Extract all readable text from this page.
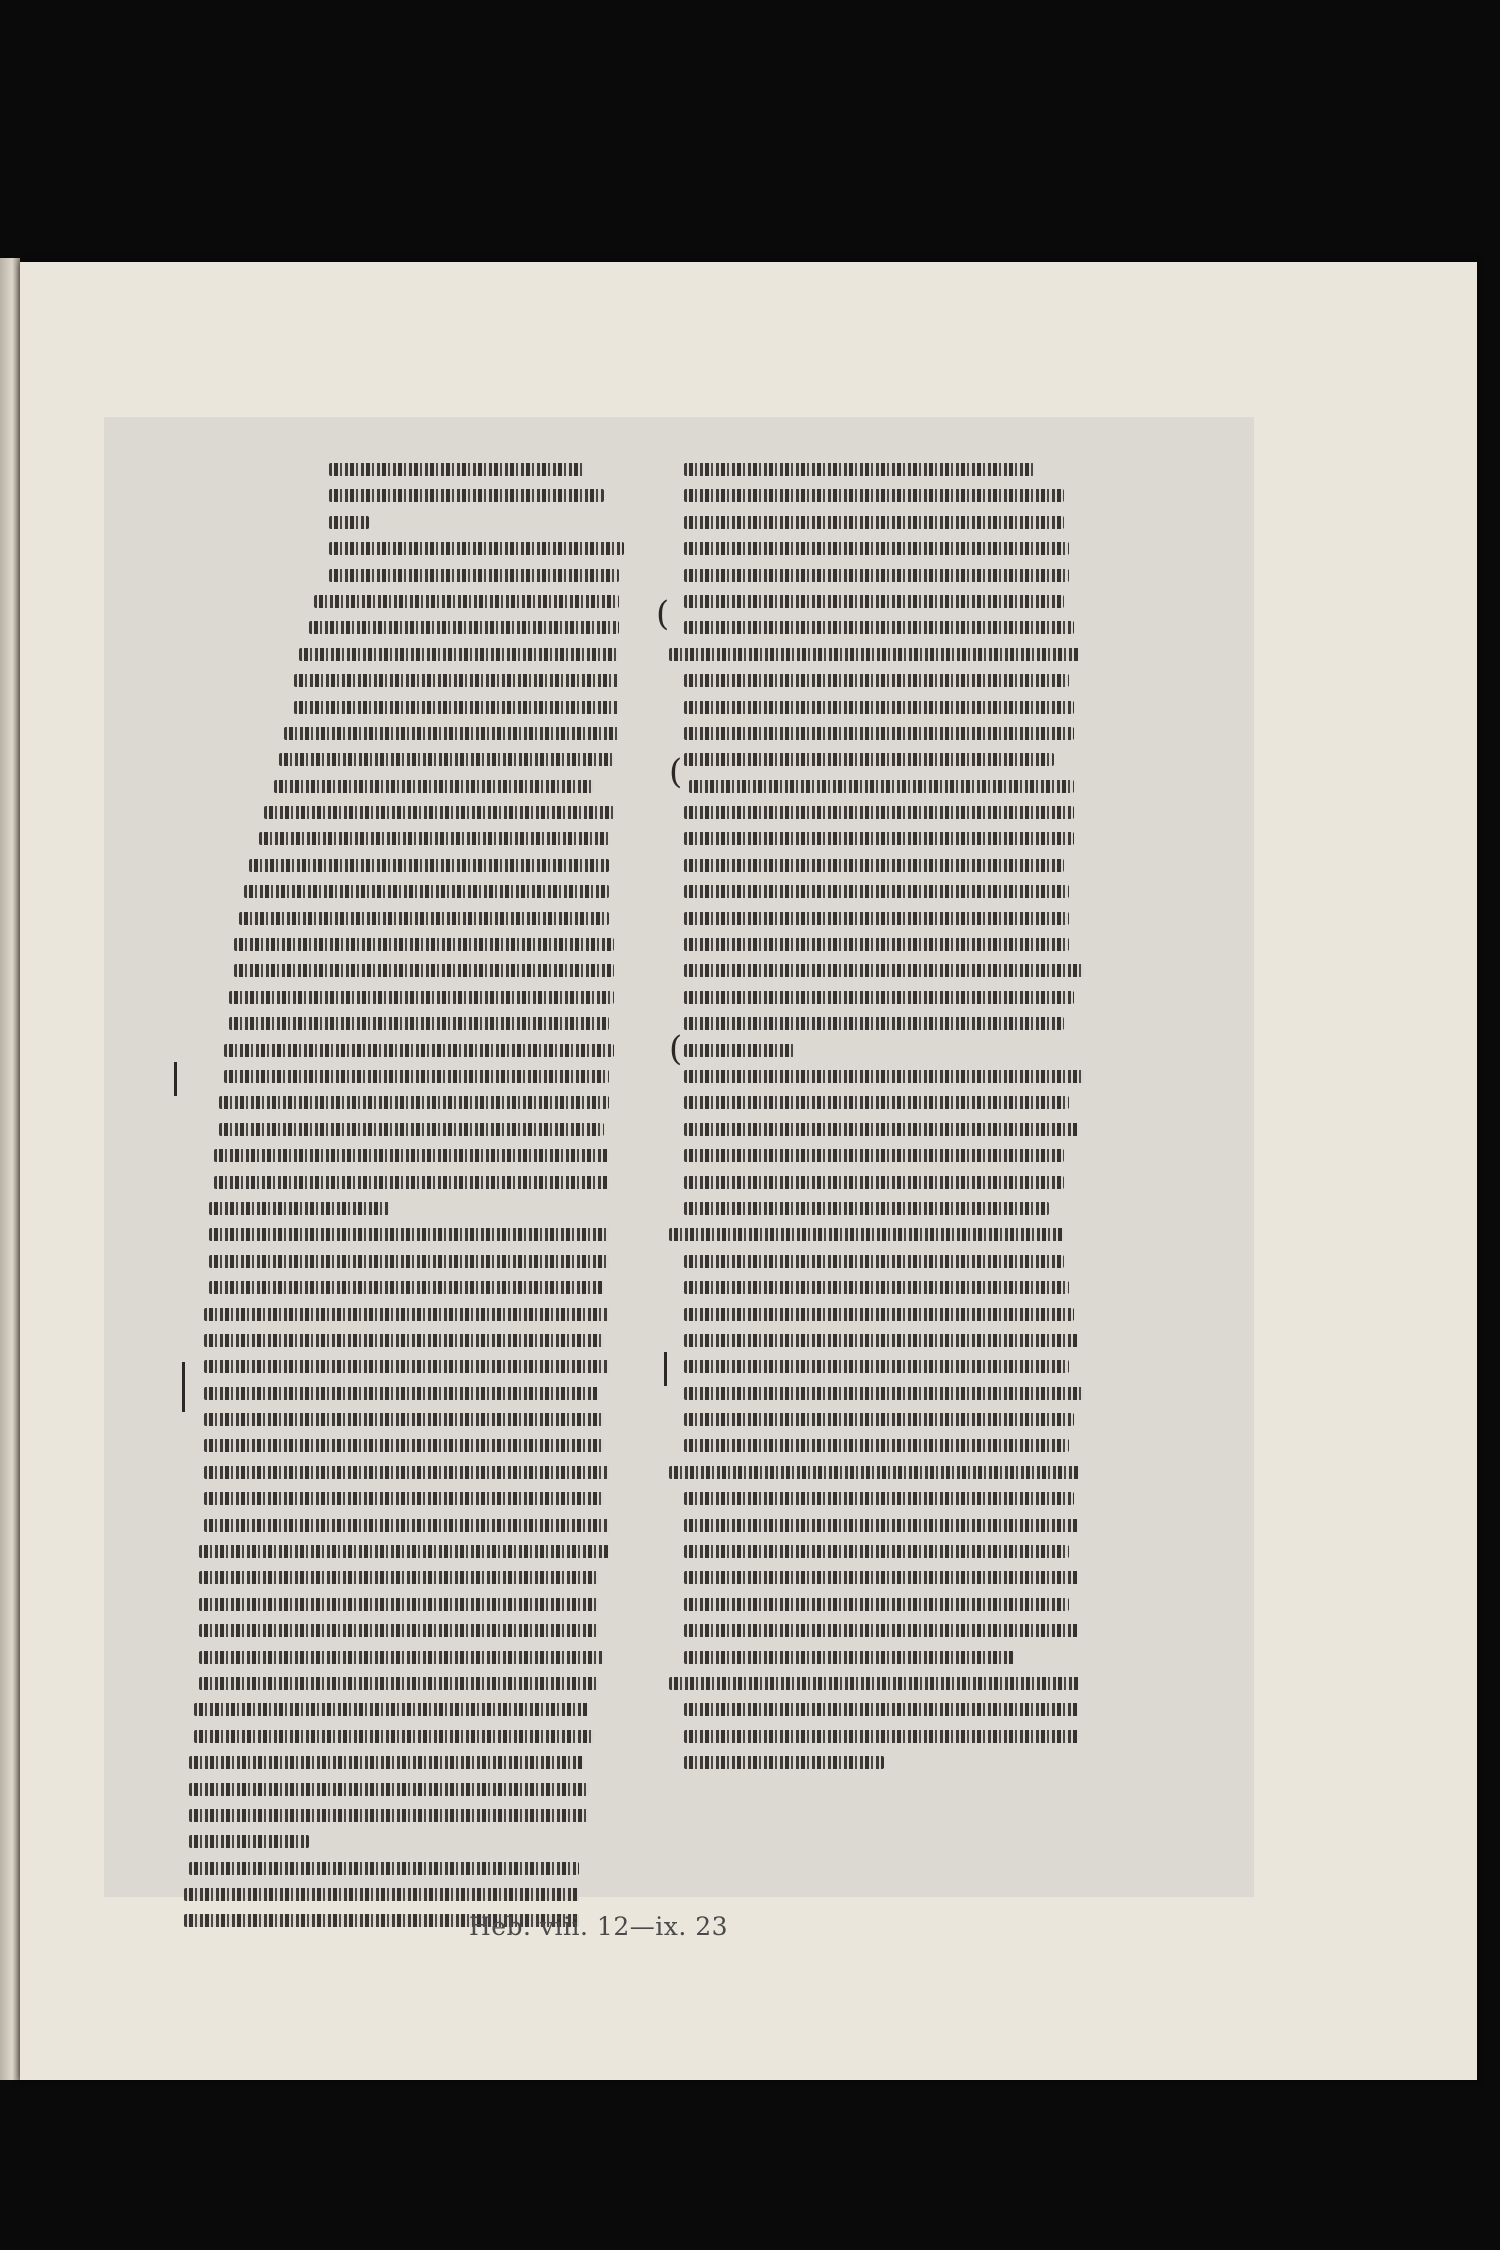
(
(
(
Heb. viii. 12—ix. 23
